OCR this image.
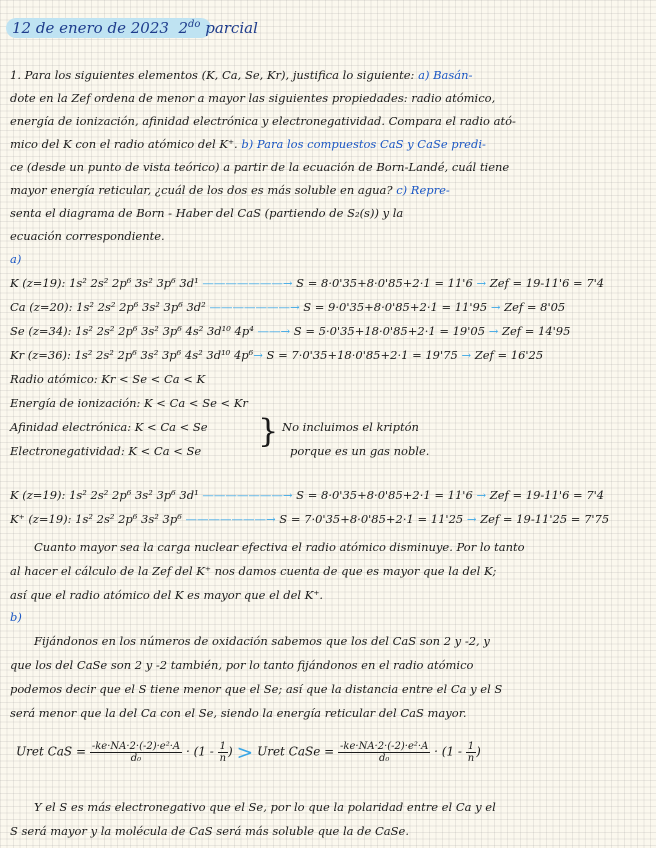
12 de enero de 2023 $2^{do}$ parcial
1. Para los siguientes elementos (K, Ca, Se, Kr), justifica lo siguiente: a) Basán-
dote en la Zef ordena de menor a mayor las siguientes propiedades: radio atómico,
energía de ionización, afinidad electrónica y electronegatividad. Compara el radio ató-
mico del K con el radio atómico del K⁺. b) Para los compuestos CaS y CaSe predi-
ce (desde un punto de vista teórico) a partir de la ecuación de Born-Landé, cuál tiene
mayor energía reticular, ¿cuál de los dos es más soluble en agua? c) Repre-
senta el diagrama de Born - Haber del CaS (partiendo de S₂(s)) y la
ecuación correspondiente.
a)
K (z=19): 1s² 2s² 2p⁶ 3s² 3p⁶ 3d¹ ———————→ S = 8·0'35+8·0'85+2·1 = 11'6 → Zef = 19-11'6 = 7'4
Ca (z=20): 1s² 2s² 2p⁶ 3s² 3p⁶ 3d² ———————→ S = 9·0'35+8·0'85+2·1 = 11'95 → Zef = 8'05
Se (z=34): 1s² 2s² 2p⁶ 3s² 3p⁶ 4s² 3d¹⁰ 4p⁴ ——→ S = 5·0'35+18·0'85+2·1 = 19'05 → Zef = 14'95
Kr (z=36): 1s² 2s² 2p⁶ 3s² 3p⁶ 4s² 3d¹⁰ 4p⁶→ S = 7·0'35+18·0'85+2·1 = 19'75 → Zef = 16'25
Radio atómico: Kr < Se < Ca < K
Energía de ionización: K < Ca < Se < Kr
Afinidad electrónica: K < Ca < Se
Electronegatividad: K < Ca < Se
} No incluimos el kriptón
porque es un gas noble.
K (z=19): 1s² 2s² 2p⁶ 3s² 3p⁶ 3d¹ ———————→ S = 8·0'35+8·0'85+2·1 = 11'6 → Zef = 19-11'6 = 7'4
K⁺ (z=19): 1s² 2s² 2p⁶ 3s² 3p⁶ ———————→ S = 7·0'35+8·0'85+2·1 = 11'25 → Zef = 19-11'25 = 7'75
Cuanto mayor sea la carga nuclear efectiva el radio atómico disminuye. Por lo tanto
al hacer el cálculo de la Zef del K⁺ nos damos cuenta de que es mayor que la del K;
así que el radio atómico del K es mayor que el del K⁺.
b)
Fijándonos en los números de oxidación sabemos que los del CaS son 2 y -2, y
que los del CaSe son 2 y -2 también, por lo tanto fijándonos en el radio atómico
podemos decir que el S tiene menor que el Se; así que la distancia entre el Ca y el S
será menor que la del Ca con el Se, siendo la energía reticular del CaS mayor.
Uret CaS = $\frac{\text{-ke·NA·2·(-2)·e²·A}}{\text{d₀}} \cdot (1 - \frac{1}{n}$ ) > Uret CaSe = $\frac{\text{-ke·NA·2·(-2)·e²·A}}{\text{d₀}} \cdot (1 - \frac{1}{n}$ )
Y el S es más electronegativo que el Se, por lo que la polaridad entre el Ca y el
S será mayor y la molécula de CaS será más soluble que la de CaSe.
